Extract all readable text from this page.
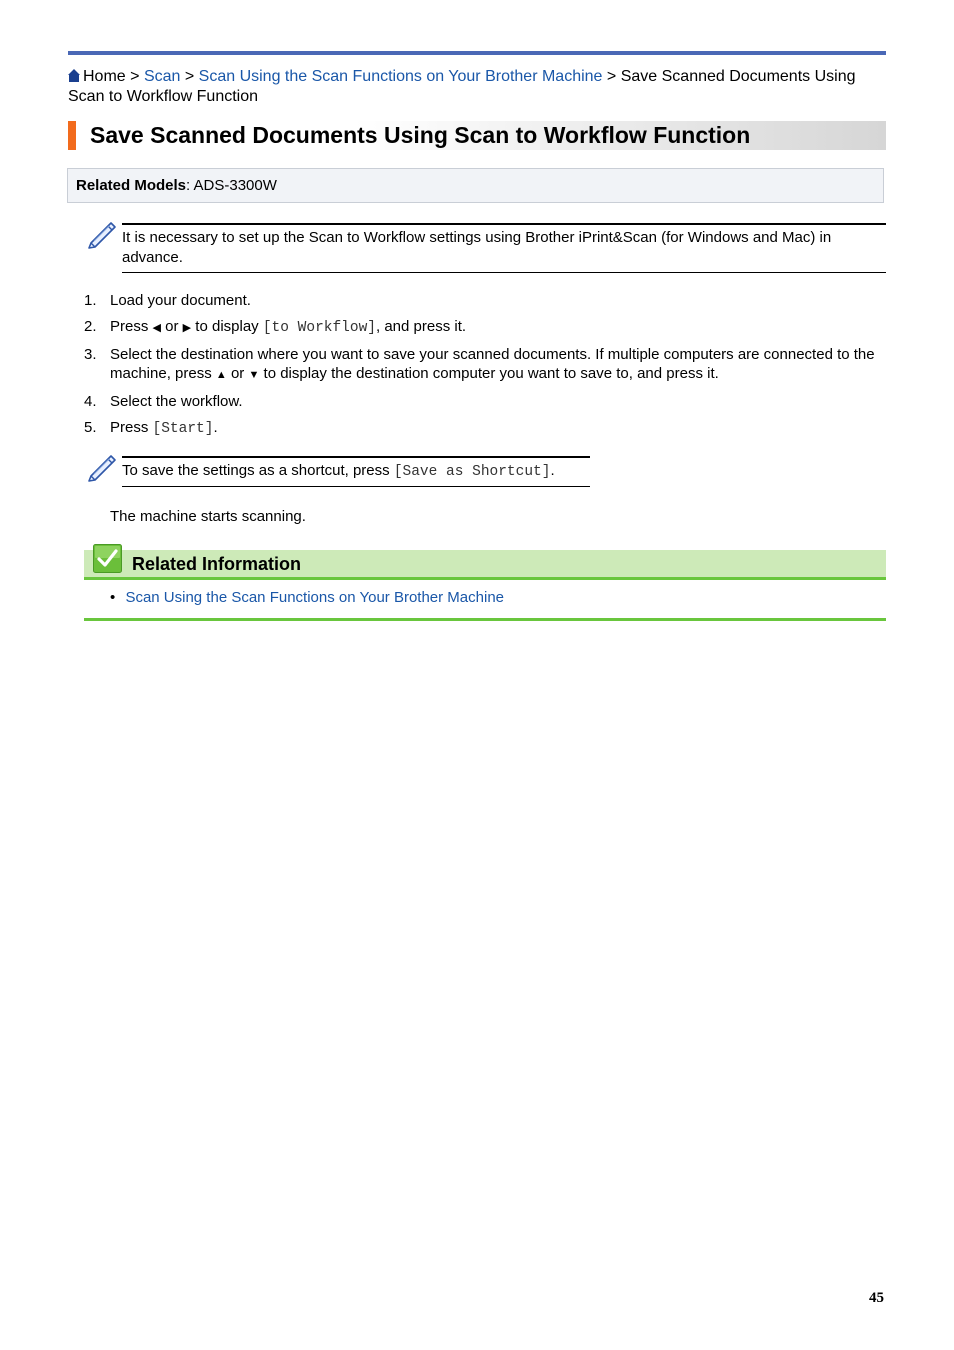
Home > Scan > Scan Using the Scan Functions on Your Brother Machine > Save Scanned Documents Using Scan to Workflow Function
Save Scanned Documents Using Scan to Workflow Function
Related Models: ADS-3300W
It is necessary to set up the Scan to Workflow settings using Brother iPrint&Scan (for Windows and Mac) in advance.
1. Load your document.
2. Press ◀ or ▶ to display [to Workflow], and press it.
3. Select the destination where you want to save your scanned documents. If multiple computers are connected to the machine, press ▲ or ▼ to display the destination computer you want to save to, and press it.
4. Select the workflow.
5. Press [Start].
To save the settings as a shortcut, press [Save as Shortcut].
The machine starts scanning.
Related Information
• Scan Using the Scan Functions on Your Brother Machine
45
